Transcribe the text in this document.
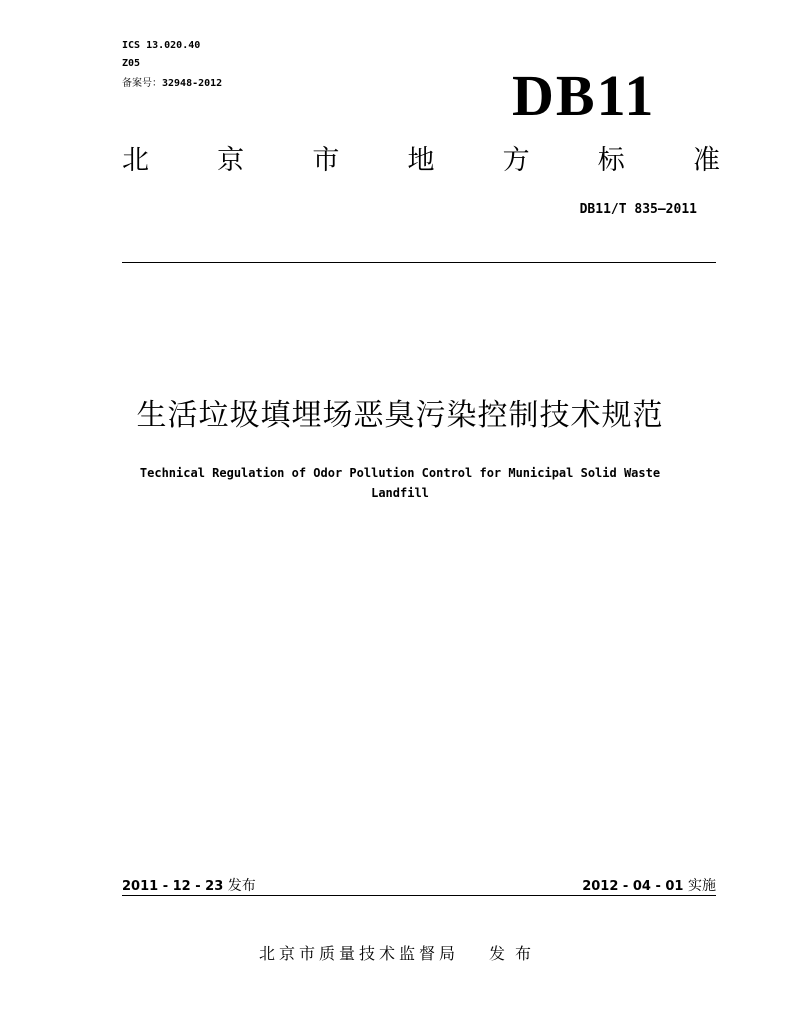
ICS 13.020.40
Z05
备案号：32948-2012	DB11
北	京	市	地	方	标	准
DB11/T 835—2011
生活垃圾填埋场恶臭污染控制技术规范
Technical Regulation of Odor Pollution Control for Municipal Solid Waste
Landfill
2011 - 12 - 23 发布	2012 - 04 - 01 实施
北京市质量技术监督局 发布
